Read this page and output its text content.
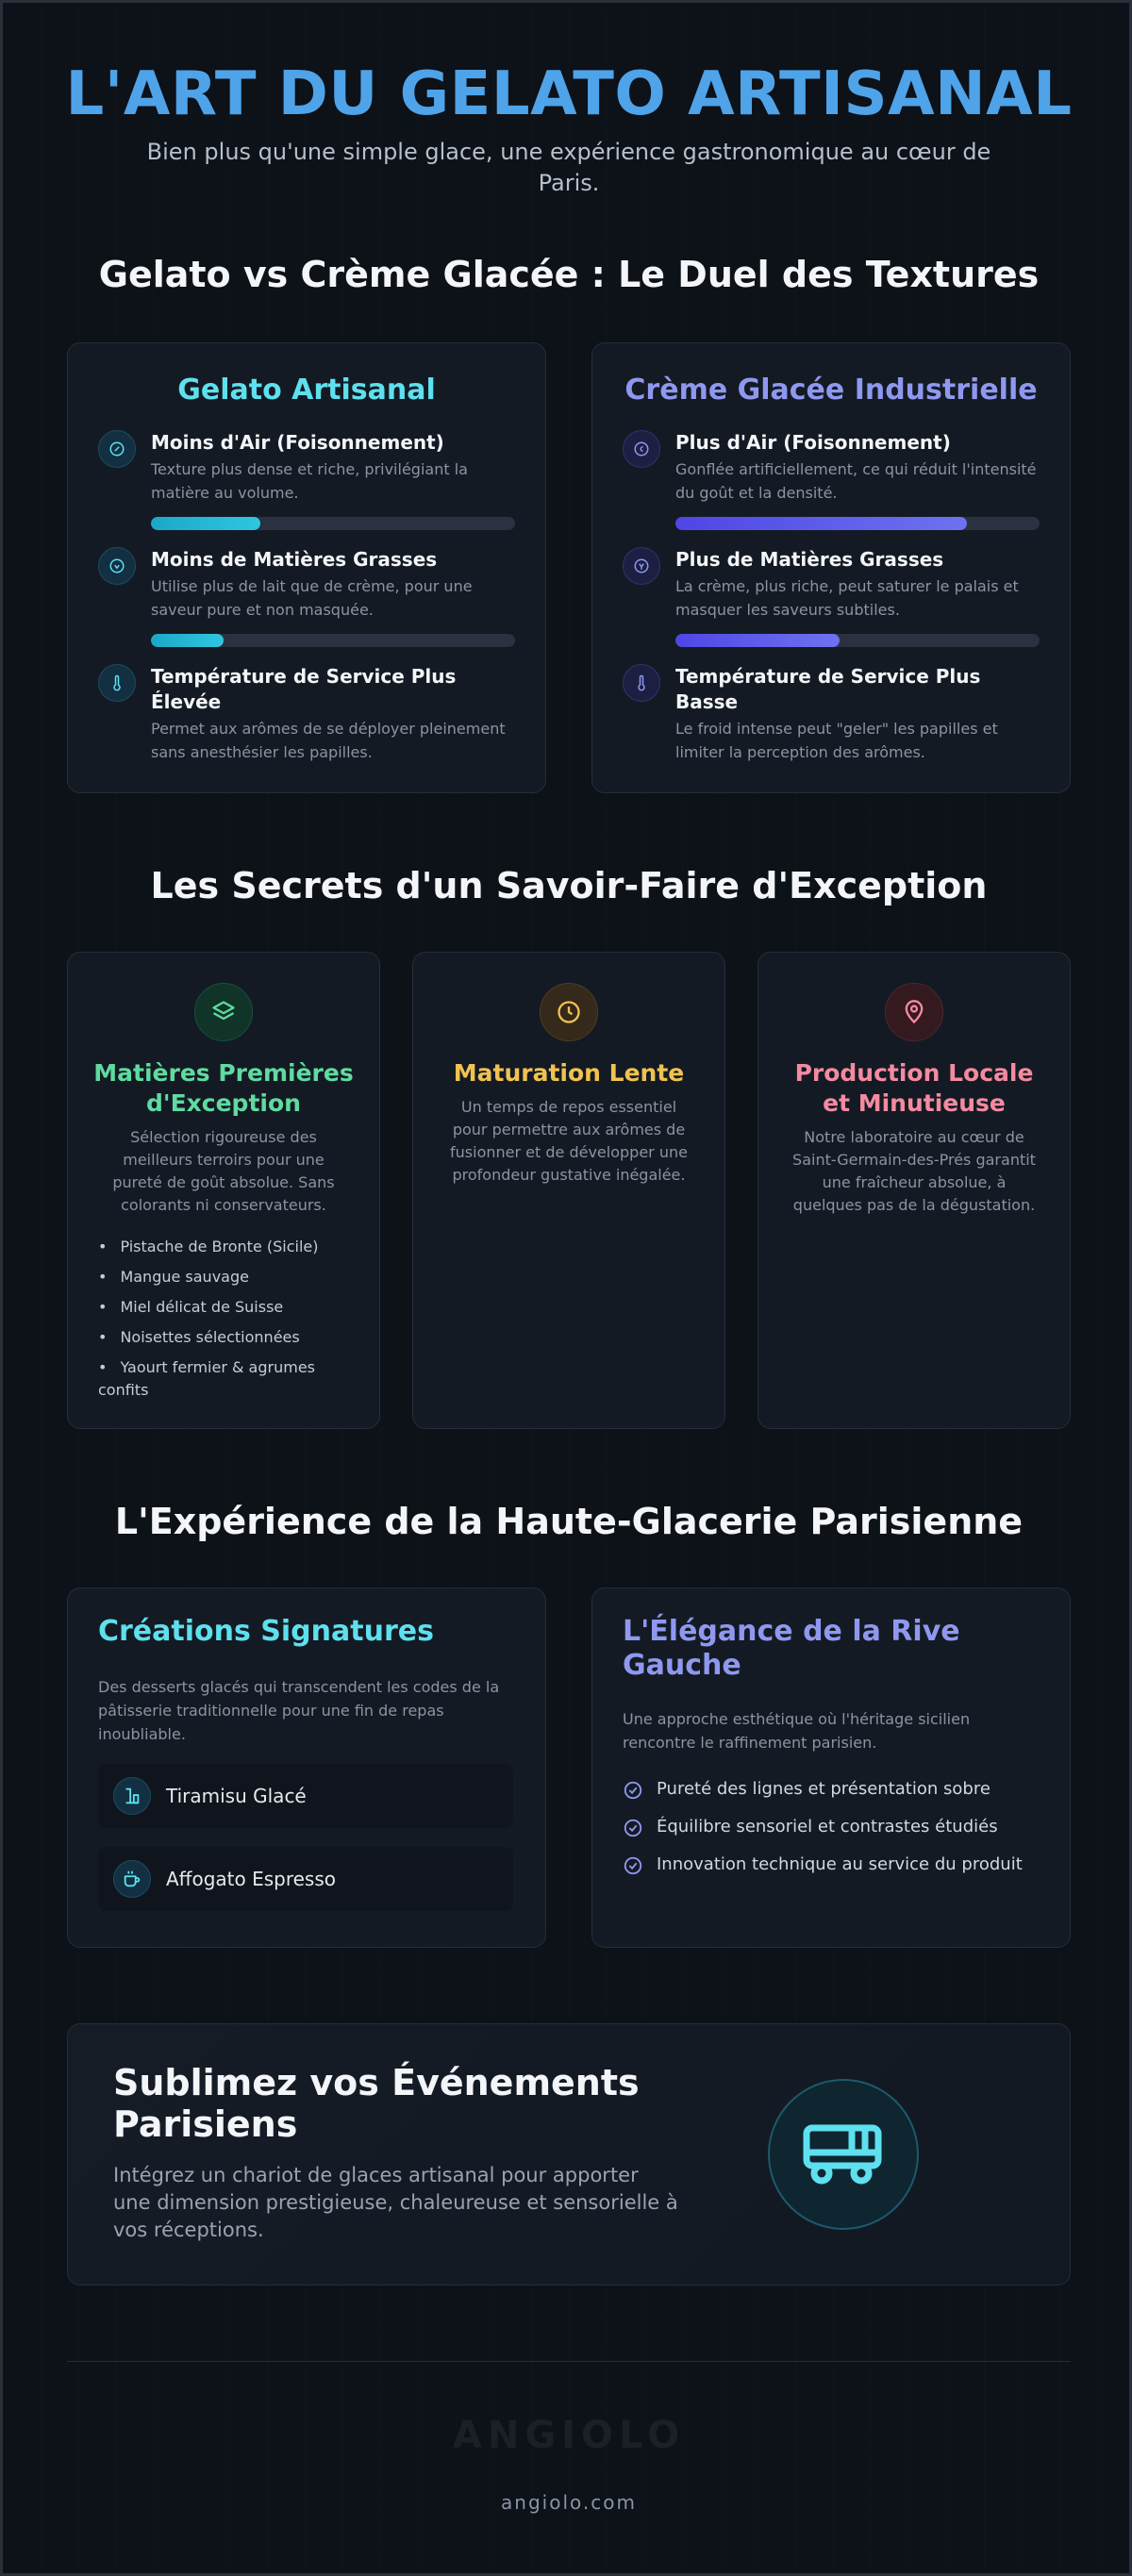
L'ART DU GELATO ARTISANAL

Bien plus qu'une simple glace, une expérience gastronomique au cœur de Paris.

Gelato vs Crème Glacée : Le Duel des Textures
Gelato Artisanal
Moins d'Air (Foisonnement)
Texture plus dense et riche, privilégiant la matière au volume.
Moins de Matières Grasses
Utilise plus de lait que de crème, pour une saveur pure et non masquée.
Température de Service Plus Élevée
Permet aux arômes de se déployer pleinement sans anesthésier les papilles.
Crème Glacée Industrielle
Plus d'Air (Foisonnement)
Gonflée artificiellement, ce qui réduit l'intensité du goût et la densité.
Plus de Matières Grasses
La crème, plus riche, peut saturer le palais et masquer les saveurs subtiles.
Température de Service Plus Basse
Le froid intense peut "geler" les papilles et limiter la perception des arômes.
Les Secrets d'un Savoir-Faire d'Exception
Matières Premières d'Exception
Sélection rigoureuse des meilleurs terroirs pour une pureté de goût absolue. Sans colorants ni conservateurs.
• Pistache de Bronte (Sicile)
• Mangue sauvage
• Miel délicat de Suisse
• Noisettes sélectionnées
• Yaourt fermier & agrumes confits
Maturation Lente
Un temps de repos essentiel pour permettre aux arômes de fusionner et de développer une profondeur gustative inégalée.
Production Locale et Minutieuse
Notre laboratoire au cœur de Saint-Germain-des-Prés garantit une fraîcheur absolue, à quelques pas de la dégustation.
L'Expérience de la Haute-Glacerie Parisienne
Créations Signatures
Des desserts glacés qui transcendent les codes de la pâtisserie traditionnelle pour une fin de repas inoubliable.
Tiramisu Glacé
Affogato Espresso
L'Élégance de la Rive Gauche
Une approche esthétique où l'héritage sicilien rencontre le raffinement parisien.
Pureté des lignes et présentation sobre
Équilibre sensoriel et contrastes étudiés
Innovation technique au service du produit
Sublimez vos Événements Parisiens
Intégrez un chariot de glaces artisanal pour apporter une dimension prestigieuse, chaleureuse et sensorielle à vos réceptions.
ANGIOLO
angiolo.com
